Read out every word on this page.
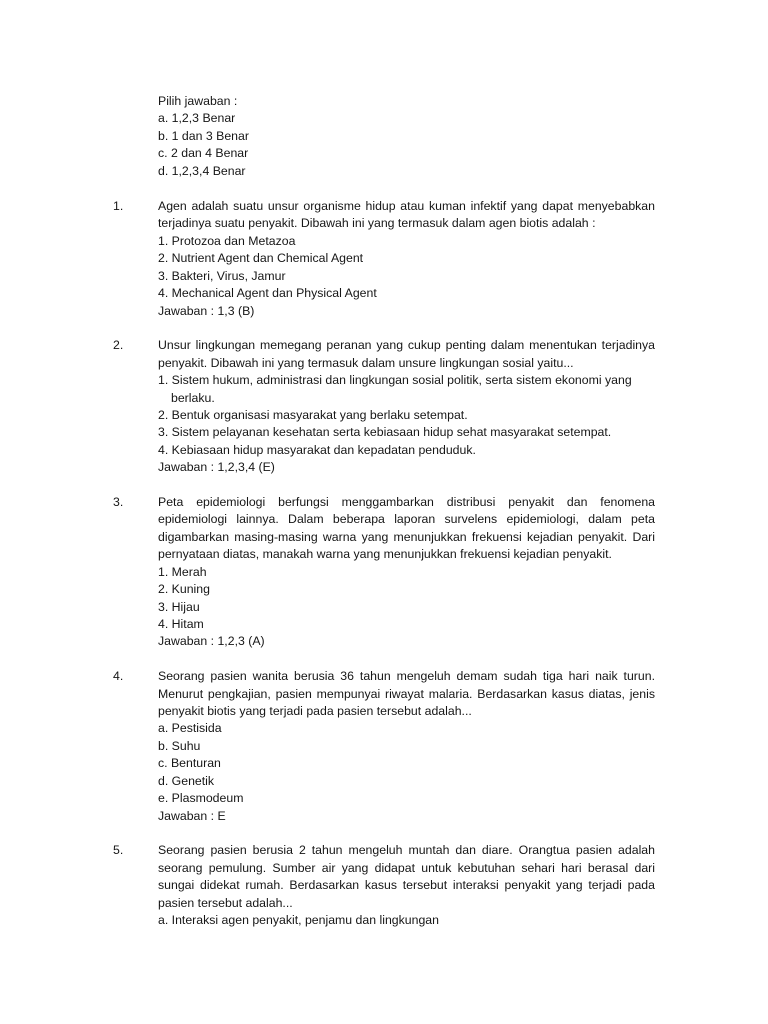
Pilih jawaban :
a. 1,2,3 Benar
b. 1 dan 3 Benar
c. 2 dan 4 Benar
d. 1,2,3,4 Benar
1.	Agen adalah suatu unsur organisme hidup atau kuman infektif yang dapat menyebabkan
terjadinya suatu penyakit. Dibawah ini yang termasuk dalam agen biotis adalah :
1. Protozoa dan Metazoa
2. Nutrient Agent dan Chemical Agent
3. Bakteri, Virus, Jamur
4. Mechanical Agent dan Physical Agent
Jawaban : 1,3 (B)
2.	Unsur lingkungan memegang peranan yang cukup penting dalam menentukan terjadinya
penyakit. Dibawah ini yang termasuk dalam unsure lingkungan sosial yaitu...
1. Sistem hukum, administrasi dan lingkungan sosial politik, serta sistem ekonomi yang
berlaku.
2. Bentuk organisasi masyarakat yang berlaku setempat.
3. Sistem pelayanan kesehatan serta kebiasaan hidup sehat masyarakat setempat.
4. Kebiasaan hidup masyarakat dan kepadatan penduduk.
Jawaban : 1,2,3,4 (E)
3.	Peta epidemiologi berfungsi menggambarkan distribusi penyakit dan fenomena
epidemiologi lainnya. Dalam beberapa laporan survelens epidemiologi, dalam peta
digambarkan masing-masing warna yang menunjukkan frekuensi kejadian penyakit. Dari
pernyataan diatas, manakah warna yang menunjukkan frekuensi kejadian penyakit.
1. Merah
2. Kuning
3. Hijau
4. Hitam
Jawaban : 1,2,3 (A)
4.	Seorang pasien wanita berusia 36 tahun mengeluh demam sudah tiga hari naik turun.
Menurut pengkajian, pasien mempunyai riwayat malaria. Berdasarkan kasus diatas, jenis
penyakit biotis yang terjadi pada pasien tersebut adalah...
a. Pestisida
b. Suhu
c. Benturan
d. Genetik
e. Plasmodeum
Jawaban : E
5.	Seorang pasien berusia 2 tahun mengeluh muntah dan diare. Orangtua pasien adalah
seorang pemulung. Sumber air yang didapat untuk kebutuhan sehari hari berasal dari
sungai didekat rumah. Berdasarkan kasus tersebut interaksi penyakit yang terjadi pada
pasien tersebut adalah...
a. Interaksi agen penyakit, penjamu dan lingkungan
